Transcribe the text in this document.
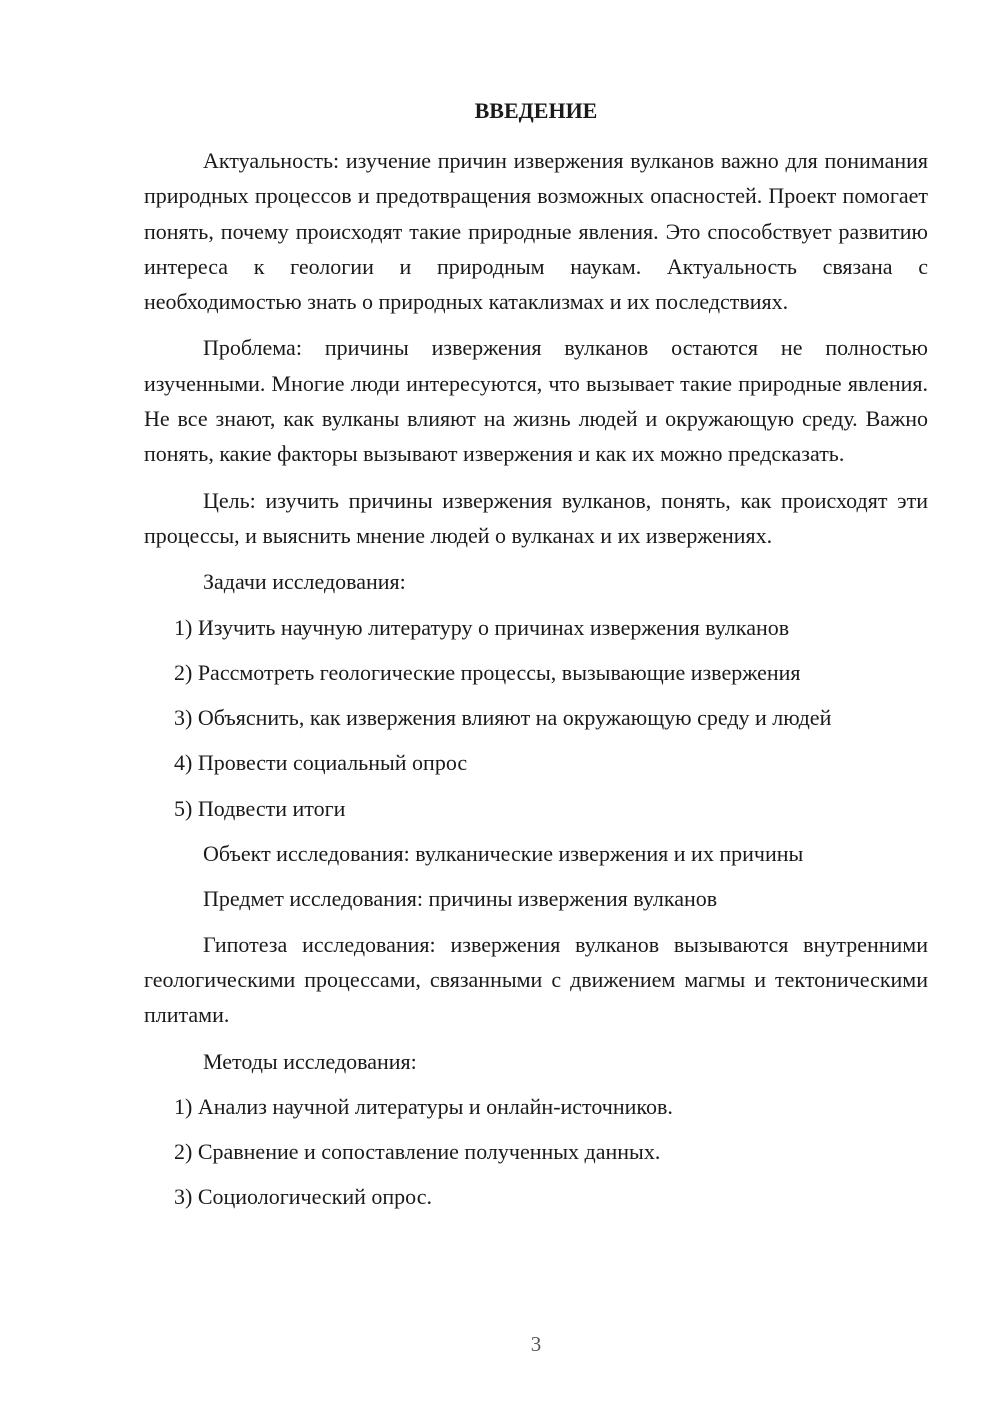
ВВЕДЕНИЕ

Актуальность: изучение причин извержения вулканов важно для понимания природных процессов и предотвращения возможных опасностей. Проект помогает понять, почему происходят такие природные явления. Это способствует развитию интереса к геологии и природным наукам. Актуальность связана с необходимостью знать о природных катаклизмах и их последствиях.

Проблема: причины извержения вулканов остаются не полностью изученными. Многие люди интересуются, что вызывает такие природные явления. Не все знают, как вулканы влияют на жизнь людей и окружающую среду. Важно понять, какие факторы вызывают извержения и как их можно предсказать.

Цель: изучить причины извержения вулканов, понять, как происходят эти процессы, и выяснить мнение людей о вулканах и их извержениях.

Задачи исследования:

1) Изучить научную литературу о причинах извержения вулканов

2) Рассмотреть геологические процессы, вызывающие извержения

3) Объяснить, как извержения влияют на окружающую среду и людей

4) Провести социальный опрос

5) Подвести итоги

Объект исследования: вулканические извержения и их причины

Предмет исследования: причины извержения вулканов

Гипотеза исследования: извержения вулканов вызываются внутренними геологическими процессами, связанными с движением магмы и тектоническими плитами.

Методы исследования:

1) Анализ научной литературы и онлайн-источников.

2) Сравнение и сопоставление полученных данных.

3) Социологический опрос.

3
